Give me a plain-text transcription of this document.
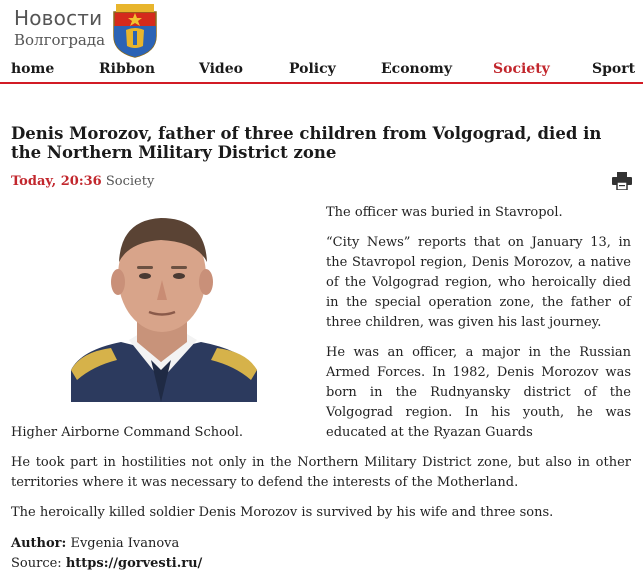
Новости
Волгограда
home	Ribbon	Video	Policy	Economy	Society	Sport
Denis Morozov, father of three children from Volgograd, died in the Northern Military District zone
Today, 20:36 Society

The officer was buried in Stavropol.

“City News” reports that on January 13, in the Stavropol region, Denis Morozov, a native of the Volgograd region, who heroically died in the special operation zone, the father of three children, was given his last journey.

He was an officer, a major in the Russian Armed Forces. In 1982, Denis Morozov was born in the Rudnyansky district of the Volgograd region. In his youth, he was educated at the Ryazan Guards

Higher Airborne Command School.

He took part in hostilities not only in the Northern Military District zone, but also in other territories where it was necessary to defend the interests of the Motherland.

The heroically killed soldier Denis Morozov is survived by his wife and three sons.

Author: Evgenia Ivanova
Source: https://gorvesti.ru/
